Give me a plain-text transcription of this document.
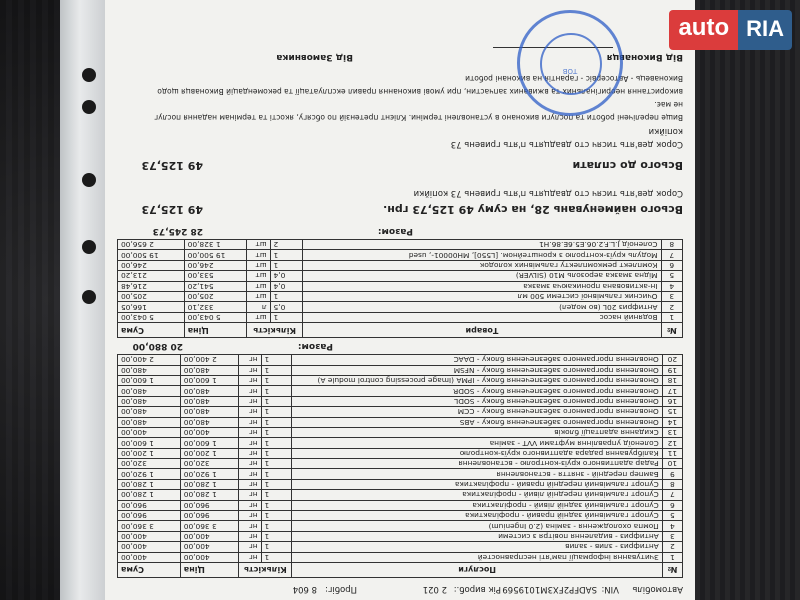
Автомобіль
VIN:
SADFP2FX3M1019569
Рік вироб.:
2 021
Пробіг:
8 604
№	Послуги	Кількість		Ціна	Сума
1	Зчитування інформації пам'яті несправностей	1	нг	400,00	400,00
2	Антифриз - злив - залив	1	нг	400,00	400,00
3	Антифриз - видалення повітря з системи	1	нг	400,00	400,00
4	Помпа охолодження - заміна (2.0 Ingenium)	1	нг	3 360,00	3 360,00
5	Супорт гальмівний задній правий - профілактика	1	нг	960,00	960,00
6	Супорт гальмівний задній лівий - профілактика	1	нг	960,00	960,00
7	Супорт гальмівний передній лівий - профілактика	1	нг	1 280,00	1 280,00
8	Супорт гальмівний передній правий - профілактика	1	нг	1 280,00	1 280,00
9	Бампер передній - зняття - встановлення	1	нг	1 920,00	1 920,00
10	Радар адаптивного круїз-контролю - встановлення	1	нг	320,00	320,00
11	Калібрування радара адаптивного круїз-контролю	1	нг	1 200,00	1 200,00
12	Соленоїд управління муфтами VVT - заміна	1	нг	1 600,00	1 600,00
13	Скидання адаптації блоків	1	нг	400,00	400,00
14	Оновлення програмного забезпечення блоку - ABS	1	нг	480,00	480,00
15	Оновлення програмного забезпечення блоку - CCM	1	нг	480,00	480,00
16	Оновлення програмного забезпечення блоку - SODL	1	нг	480,00	480,00
17	Оновлення програмного забезпечення блоку - SODR	1	нг	480,00	480,00
18	Оновлення програмного забезпечення блоку - IPMA (Image processing control module A)	1	нг	1 600,00	1 600,00
19	Оновлення програмного забезпечення блоку - NFSM	1	нг	480,00	480,00
20	Оновлення програмного забезпечення блоку - DAAC	1	нг	2 400,00	2 400,00
Разом:
20 880,00
№	Товари	Кількість		Ціна	Сума
1	Водяний насос	1	шт	5 043,00	5 043,00
2	Антифриз 20L (во модел)	0,5	л	332,10	166,05
3	Очисник гальмівної системи 500 мл	1	шт	205,00	205,00
4	Ін-активована проникаюча змазка	0,4	шт	541,20	216,48
5	Мідна змазка аерозоль М10 (SILVER)	0,4	шт	533,00	213,20
6	Комплект ремкомплекту гальмівних колодок	1	шт	246,00	246,00
7	Модуль круїз-контролю з кронштейном. [L550], MH00001-, used	1	шт	19 500,00	19 500,00
8	Соленоїд J.L.F.2.06.E5.6E.86.H1	2	шт	1 328,00	2 656,00
Разом:
28 245,73
Всього найменувань 28, на суму 49 125,73 грн.
49 125,73
Сорок дев'ять тисяч сто двадцять п'ять гривень 73 копійки
Всього до сплати
49 125,73
Сорок дев'ять тисяч сто двадцять п'ять гривень 73
копійки
Вище перелічені роботи та послуги виконано в установлені терміни. Клієнт претензій по обсягу, якості та термінам надання послуг
не має.
використання неоригінальних та вживаних запчастин, при умові виконання правил експлуатації та рекомендацій Виконавця щодо
Виконавець - Автосервіс - гарантія на виконані роботи
Від Виконавця
Від Замовника
ТОВ
auto RIA
